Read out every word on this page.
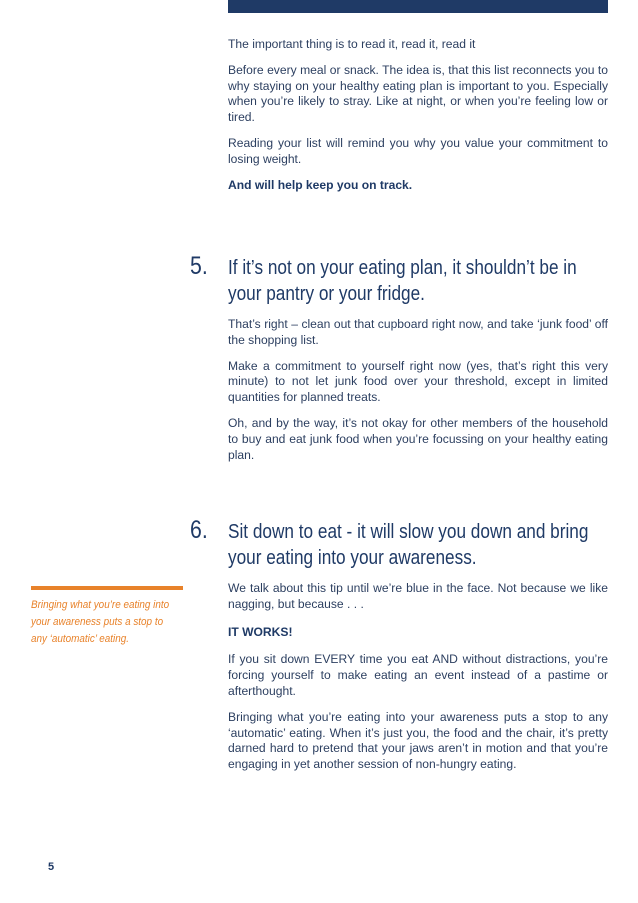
The important thing is to read it, read it, read it

Before every meal or snack. The idea is, that this list reconnects you to why staying on your healthy eating plan is important to you. Especially when you’re likely to stray. Like at night, or when you’re feeling low or tired.

Reading your list will remind you why you value your commitment to losing weight.

And will help keep you on track.

5.	If it’s not on your eating plan, it shouldn’t be in your pantry or your fridge.

That’s right – clean out that cupboard right now, and take ‘junk food’ off the shopping list.

Make a commitment to yourself right now (yes, that’s right this very minute) to not let junk food over your threshold, except in limited quantities for planned treats.

Oh, and by the way, it’s not okay for other members of the household to buy and eat junk food when you’re focussing on your healthy eating plan.

6.	Sit down to eat - it will slow you down and bring your eating into your awareness.

We talk about this tip until we’re blue in the face. Not because we like nagging, but because . . .

IT WORKS!

If you sit down EVERY time you eat AND without distractions, you’re forcing yourself to make eating an event instead of a pastime or afterthought.

Bringing what you’re eating into your awareness puts a stop to any ‘automatic’ eating. When it’s just you, the food and the chair, it’s pretty darned hard to pretend that your jaws aren’t in motion and that you’re engaging in yet another session of non-hungry eating.

Bringing what you’re eating into your awareness puts a stop to any ‘automatic’ eating.
5
